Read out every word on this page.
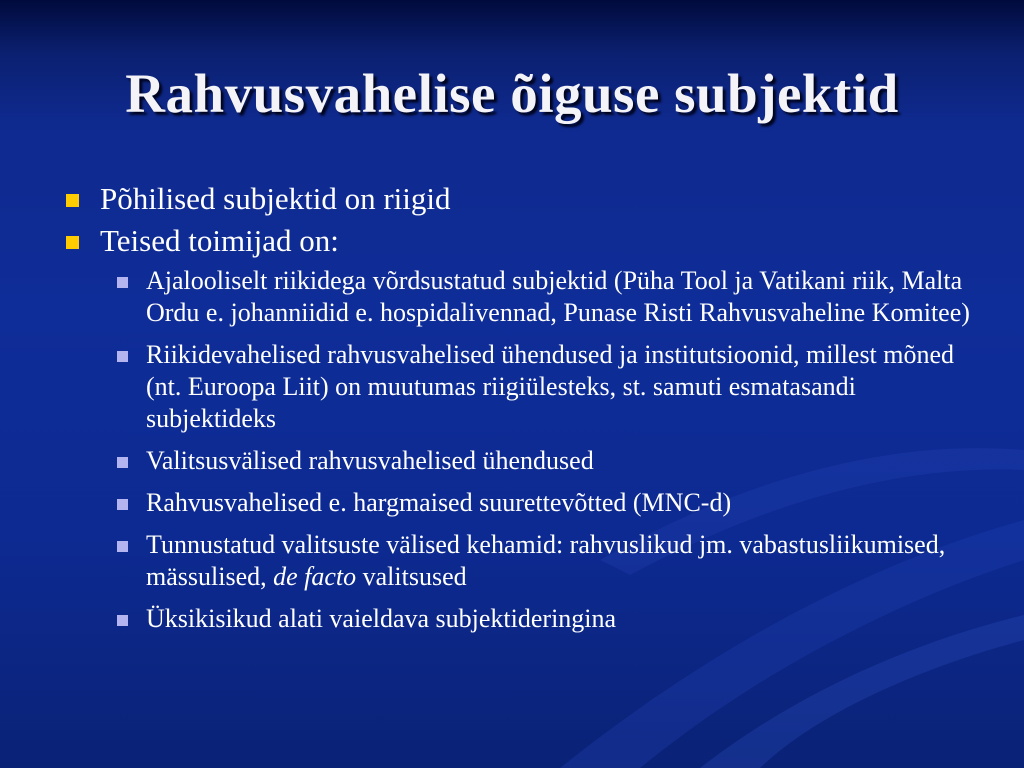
Rahvusvahelise õiguse subjektid
Põhilised subjektid on riigid
Teised toimijad on:
Ajalooliselt riikidega võrdsustatud subjektid (Püha Tool ja Vatikani riik, Malta Ordu e. johanniidid e. hospidalivennad, Punase Risti Rahvusvaheline Komitee)
Riikidevahelised rahvusvahelised ühendused ja institutsioonid, millest mõned (nt. Euroopa Liit) on muutumas riigiülesteks, st. samuti esmatasandi subjektideks
Valitsusvälised rahvusvahelised ühendused
Rahvusvahelised e. hargmaised suurettevõtted (MNC-d)
Tunnustatud valitsuste välised kehamid: rahvuslikud jm. vabastusliikumised, mässulised, de facto valitsused
Üksikisikud alati vaieldava subjektideringina
